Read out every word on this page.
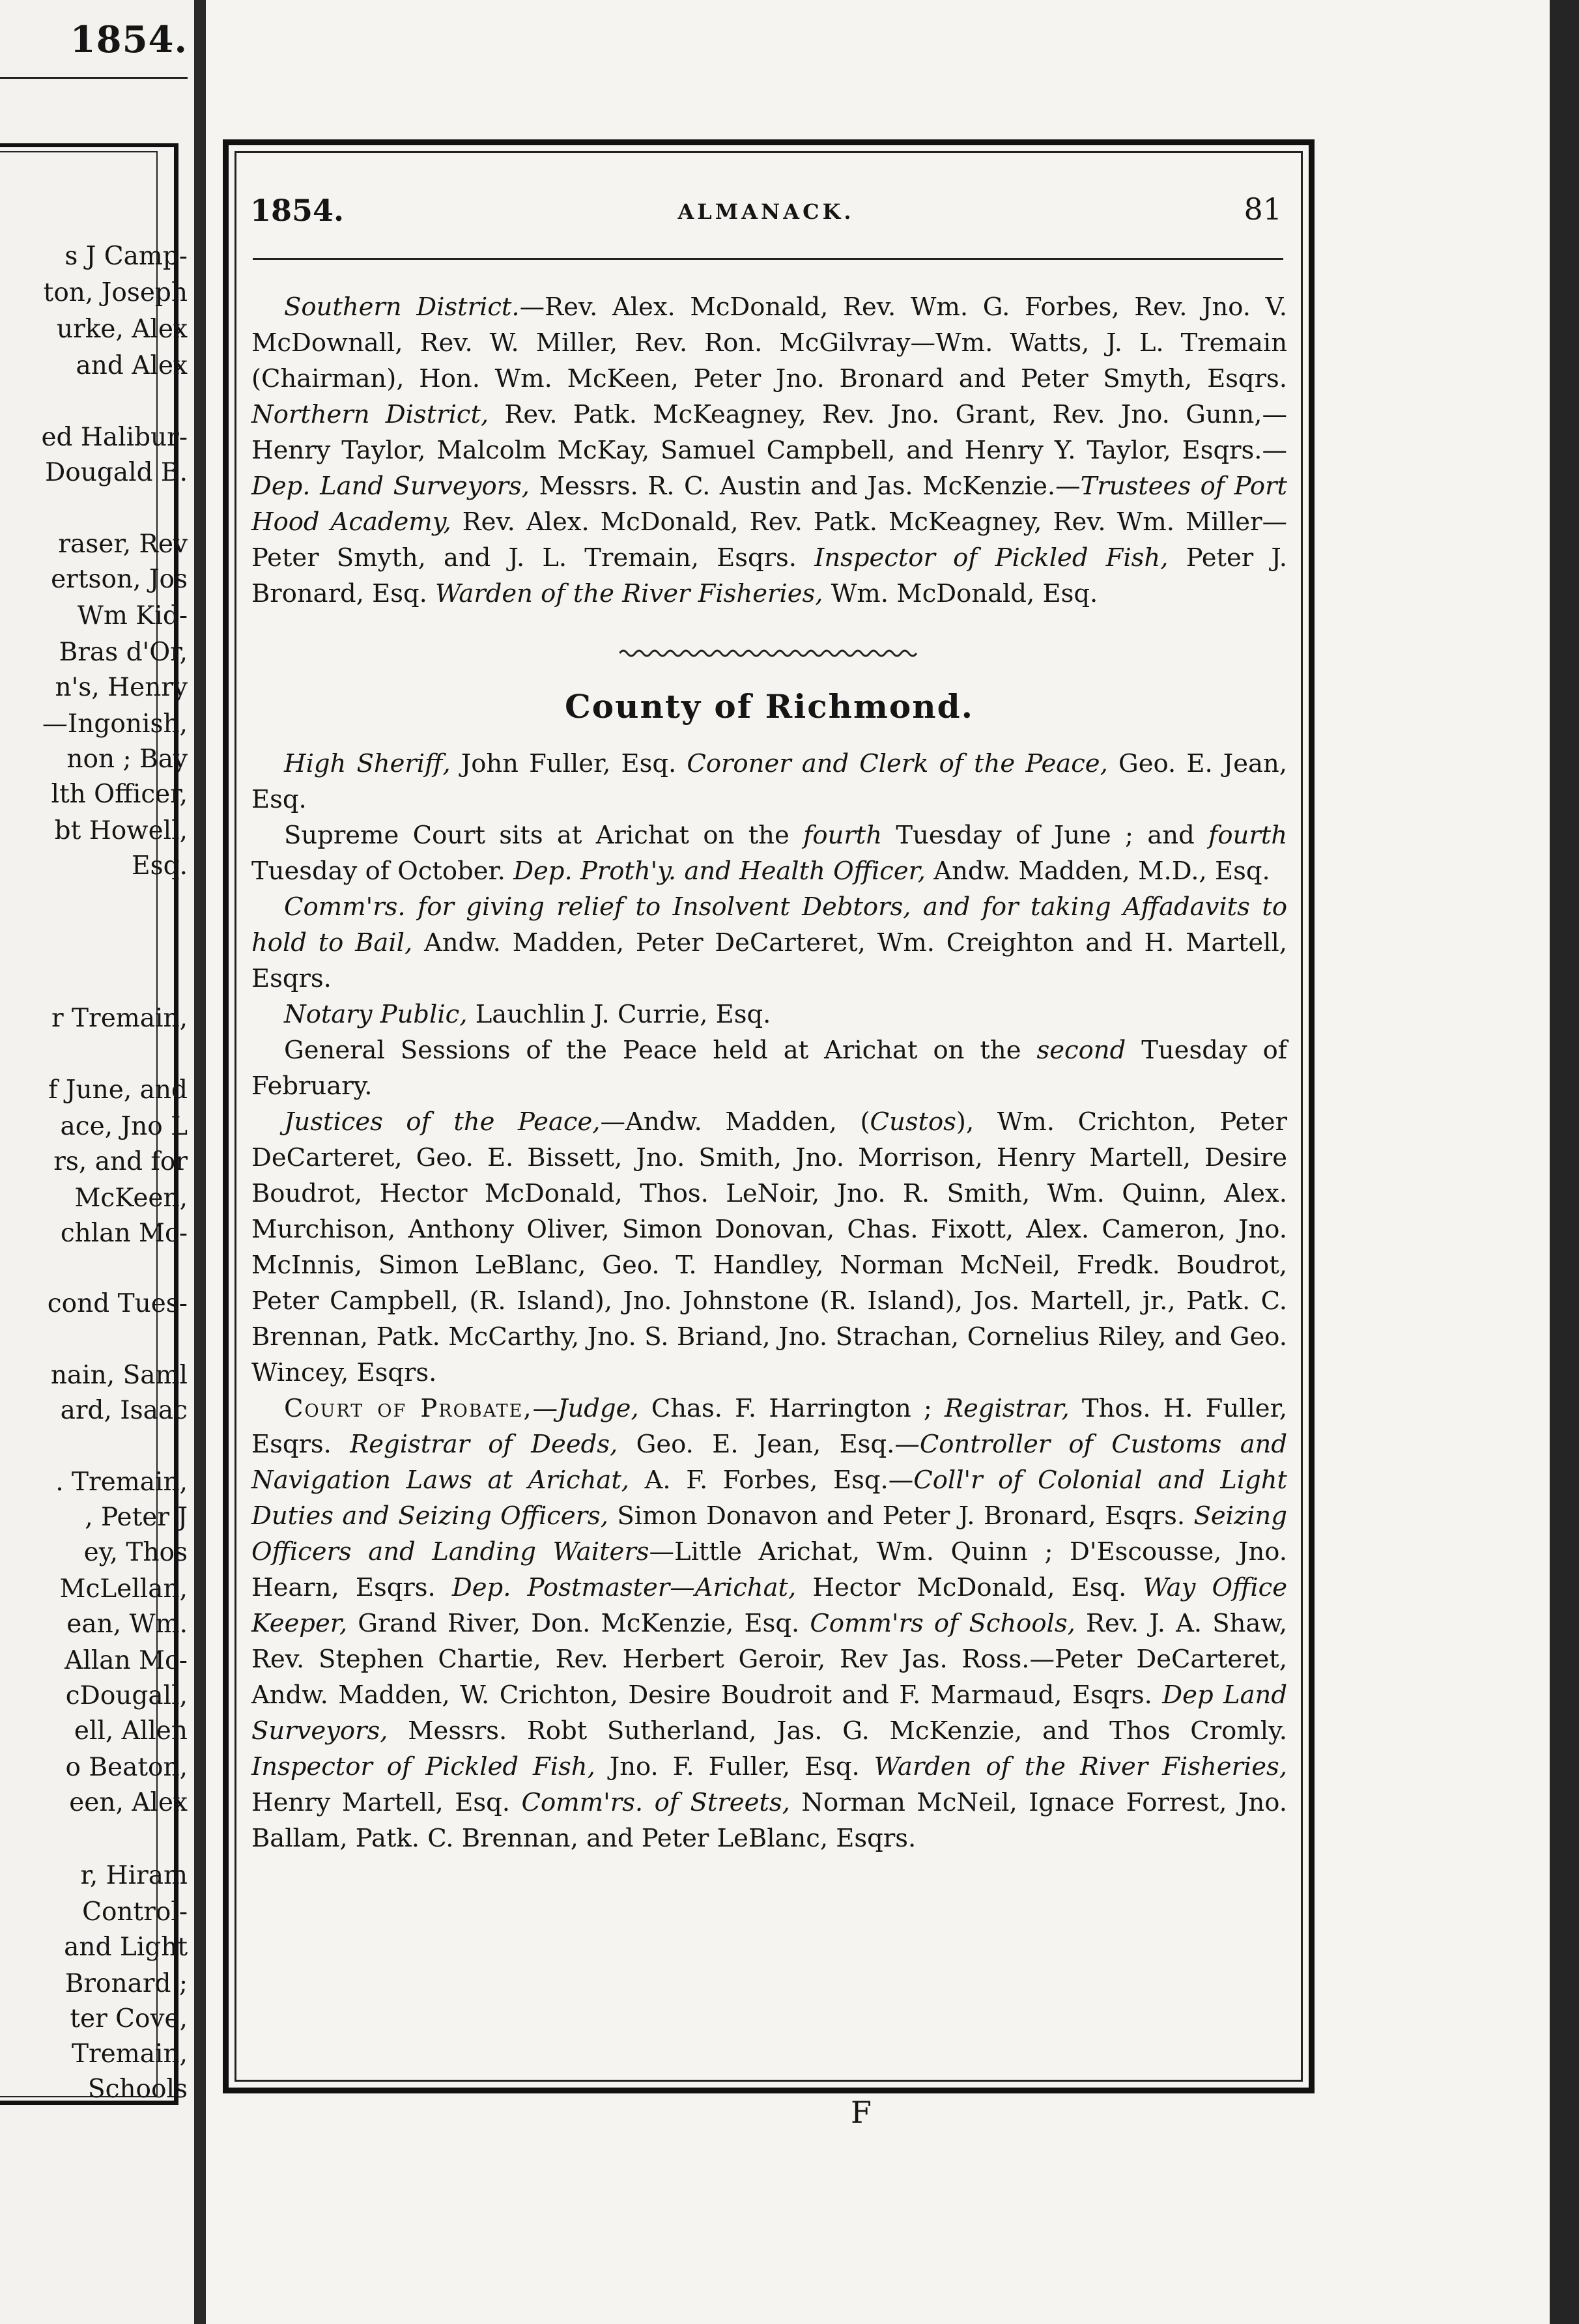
1854.

s J Camp-

ton, Joseph

urke, Alex

and Alex

ed Halibur-

Dougald B.

raser, Rev

ertson, Jos

Wm Kid-

Bras d'Or,

n's, Henry

—Ingonish,

non ; Bay

lth Officer,

bt Howell,

Esq.

r Tremain,

f June, and

ace, Jno L

rs, and for

McKeen,

chlan Mc-

cond Tues-

nain, Saml

ard, Isaac

. Tremain,

, Peter J

ey, Thos

McLellan,

ean, Wm.

Allan Mc-

cDougall,

ell, Allen

o Beaton,

een, Alex

r, Hiram

Control-

and Light

Bronard ;

ter Cove,

Tremain,

Schools

1854.	ALMANACK.	81

Southern District.—Rev. Alex. McDonald, Rev. Wm. G. Forbes, Rev. Jno. V. McDownall, Rev. W. Miller, Rev. Ron. McGilvray—Wm. Watts, J. L. Tremain (Chairman), Hon. Wm. McKeen, Peter Jno. Bronard and Peter Smyth, Esqrs. Northern District, Rev. Patk. McKeagney, Rev. Jno. Grant, Rev. Jno. Gunn,—Henry Taylor, Malcolm McKay, Samuel Campbell, and Henry Y. Taylor, Esqrs.—Dep. Land Surveyors, Messrs. R. C. Austin and Jas. McKenzie.—Trustees of Port Hood Academy, Rev. Alex. McDonald, Rev. Patk. McKeagney, Rev. Wm. Miller—Peter Smyth, and J. L. Tremain, Esqrs. Inspector of Pickled Fish, Peter J. Bronard, Esq. Warden of the River Fisheries, Wm. McDonald, Esq.

County of Richmond.

High Sheriff, John Fuller, Esq. Coroner and Clerk of the Peace, Geo. E. Jean, Esq.

Supreme Court sits at Arichat on the fourth Tuesday of June ; and fourth Tuesday of October. Dep. Proth'y. and Health Officer, Andw. Madden, M.D., Esq.

Comm'rs. for giving relief to Insolvent Debtors, and for taking Affadavits to hold to Bail, Andw. Madden, Peter DeCarteret, Wm. Creighton and H. Martell, Esqrs.

Notary Public, Lauchlin J. Currie, Esq.

General Sessions of the Peace held at Arichat on the second Tuesday of February.

Justices of the Peace,—Andw. Madden, (Custos), Wm. Crichton, Peter DeCarteret, Geo. E. Bissett, Jno. Smith, Jno. Morrison, Henry Martell, Desire Boudrot, Hector McDonald, Thos. LeNoir, Jno. R. Smith, Wm. Quinn, Alex. Murchison, Anthony Oliver, Simon Donovan, Chas. Fixott, Alex. Cameron, Jno. McInnis, Simon LeBlanc, Geo. T. Handley, Norman McNeil, Fredk. Boudrot, Peter Campbell, (R. Island), Jno. Johnstone (R. Island), Jos. Martell, jr., Patk. C. Brennan, Patk. McCarthy, Jno. S. Briand, Jno. Strachan, Cornelius Riley, and Geo. Wincey, Esqrs.

Court of Probate,—Judge, Chas. F. Harrington ; Registrar, Thos. H. Fuller, Esqrs. Registrar of Deeds, Geo. E. Jean, Esq.—Controller of Customs and Navigation Laws at Arichat, A. F. Forbes, Esq.—Coll'r of Colonial and Light Duties and Seizing Officers, Simon Donavon and Peter J. Bronard, Esqrs. Seizing Officers and Landing Waiters—Little Arichat, Wm. Quinn ; D'Escousse, Jno. Hearn, Esqrs. Dep. Postmaster—Arichat, Hector McDonald, Esq. Way Office Keeper, Grand River, Don. McKenzie, Esq. Comm'rs of Schools, Rev. J. A. Shaw, Rev. Stephen Chartie, Rev. Herbert Geroir, Rev Jas. Ross.—Peter DeCarteret, Andw. Madden, W. Crichton, Desire Boudroit and F. Marmaud, Esqrs. Dep Land Surveyors, Messrs. Robt Sutherland, Jas. G. McKenzie, and Thos Cromly. Inspector of Pickled Fish, Jno. F. Fuller, Esq. Warden of the River Fisheries, Henry Martell, Esq. Comm'rs. of Streets, Norman McNeil, Ignace Forrest, Jno. Ballam, Patk. C. Brennan, and Peter LeBlanc, Esqrs.

F
